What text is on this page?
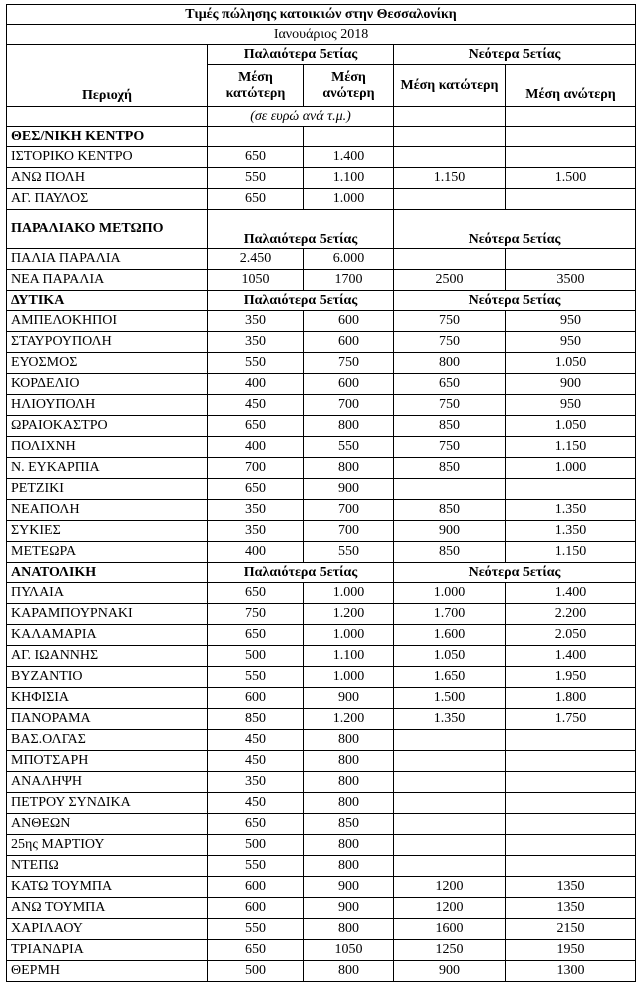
Τιμές πώλησης κατοικιών στην Θεσσαλονίκη				
Ιανουάριος 2018				
Περιοχή	Παλαιότερα 5ετίας		Νεότερα 5ετίας	
	Μέση κατώτερη	Μέση ανώτερη	Μέση κατώτερη	Μέση ανώτερη
	(σε ευρώ ανά τ.μ.)			
ΘΕΣ/ΝΙΚΗ ΚΕΝΤΡΟ				
ΙΣΤΟΡΙΚΟ ΚΕΝΤΡΟ	650	1.400		
ΑΝΩ ΠΟΛΗ	550	1.100	1.150	1.500
ΑΓ. ΠΑΥΛΟΣ	650	1.000		
ΠΑΡΑΛΙΑΚΟ ΜΕΤΩΠΟ	Παλαιότερα 5ετίας		Νεότερα 5ετίας	
ΠΑΛΙΑ ΠΑΡΑΛΙΑ	2.450	6.000		
ΝΕΑ ΠΑΡΑΛΙΑ	1050	1700	2500	3500
ΔΥΤΙΚΑ	Παλαιότερα 5ετίας		Νεότερα 5ετίας	
ΑΜΠΕΛΟΚΗΠΟΙ	350	600	750	950
ΣΤΑΥΡΟΥΠΟΛΗ	350	600	750	950
ΕΥΟΣΜΟΣ	550	750	800	1.050
ΚΟΡΔΕΛΙΟ	400	600	650	900
ΗΛΙΟΥΠΟΛΗ	450	700	750	950
ΩΡΑΙΟΚΑΣΤΡΟ	650	800	850	1.050
ΠΟΛΙΧΝΗ	400	550	750	1.150
Ν. ΕΥΚΑΡΠΙΑ	700	800	850	1.000
ΡΕΤΖΙΚΙ	650	900		
ΝΕΑΠΟΛΗ	350	700	850	1.350
ΣΥΚΙΕΣ	350	700	900	1.350
ΜΕΤΕΩΡΑ	400	550	850	1.150
ΑΝΑΤΟΛΙΚΗ	Παλαιότερα 5ετίας		Νεότερα 5ετίας	
ΠΥΛΑΙΑ	650	1.000	1.000	1.400
ΚΑΡΑΜΠΟΥΡΝΑΚΙ	750	1.200	1.700	2.200
ΚΑΛΑΜΑΡΙΑ	650	1.000	1.600	2.050
ΑΓ. ΙΩΑΝΝΗΣ	500	1.100	1.050	1.400
ΒΥΖΑΝΤΙΟ	550	1.000	1.650	1.950
ΚΗΦΙΣΙΑ	600	900	1.500	1.800
ΠΑΝΟΡΑΜΑ	850	1.200	1.350	1.750
ΒΑΣ.ΟΛΓΑΣ	450	800		
ΜΠΟΤΣΑΡΗ	450	800		
ΑΝΑΛΗΨΗ	350	800		
ΠΕΤΡΟΥ ΣΥΝΔΙΚΑ	450	800		
ΑΝΘΕΩΝ	650	850		
25ης ΜΑΡΤΙΟΥ	500	800		
ΝΤΕΠΩ	550	800		
ΚΑΤΩ ΤΟΥΜΠΑ	600	900	1200	1350
ΑΝΩ ΤΟΥΜΠΑ	600	900	1200	1350
ΧΑΡΙΛΑΟΥ	550	800	1600	2150
ΤΡΙΑΝΔΡΙΑ	650	1050	1250	1950
ΘΕΡΜΗ	500	800	900	1300
